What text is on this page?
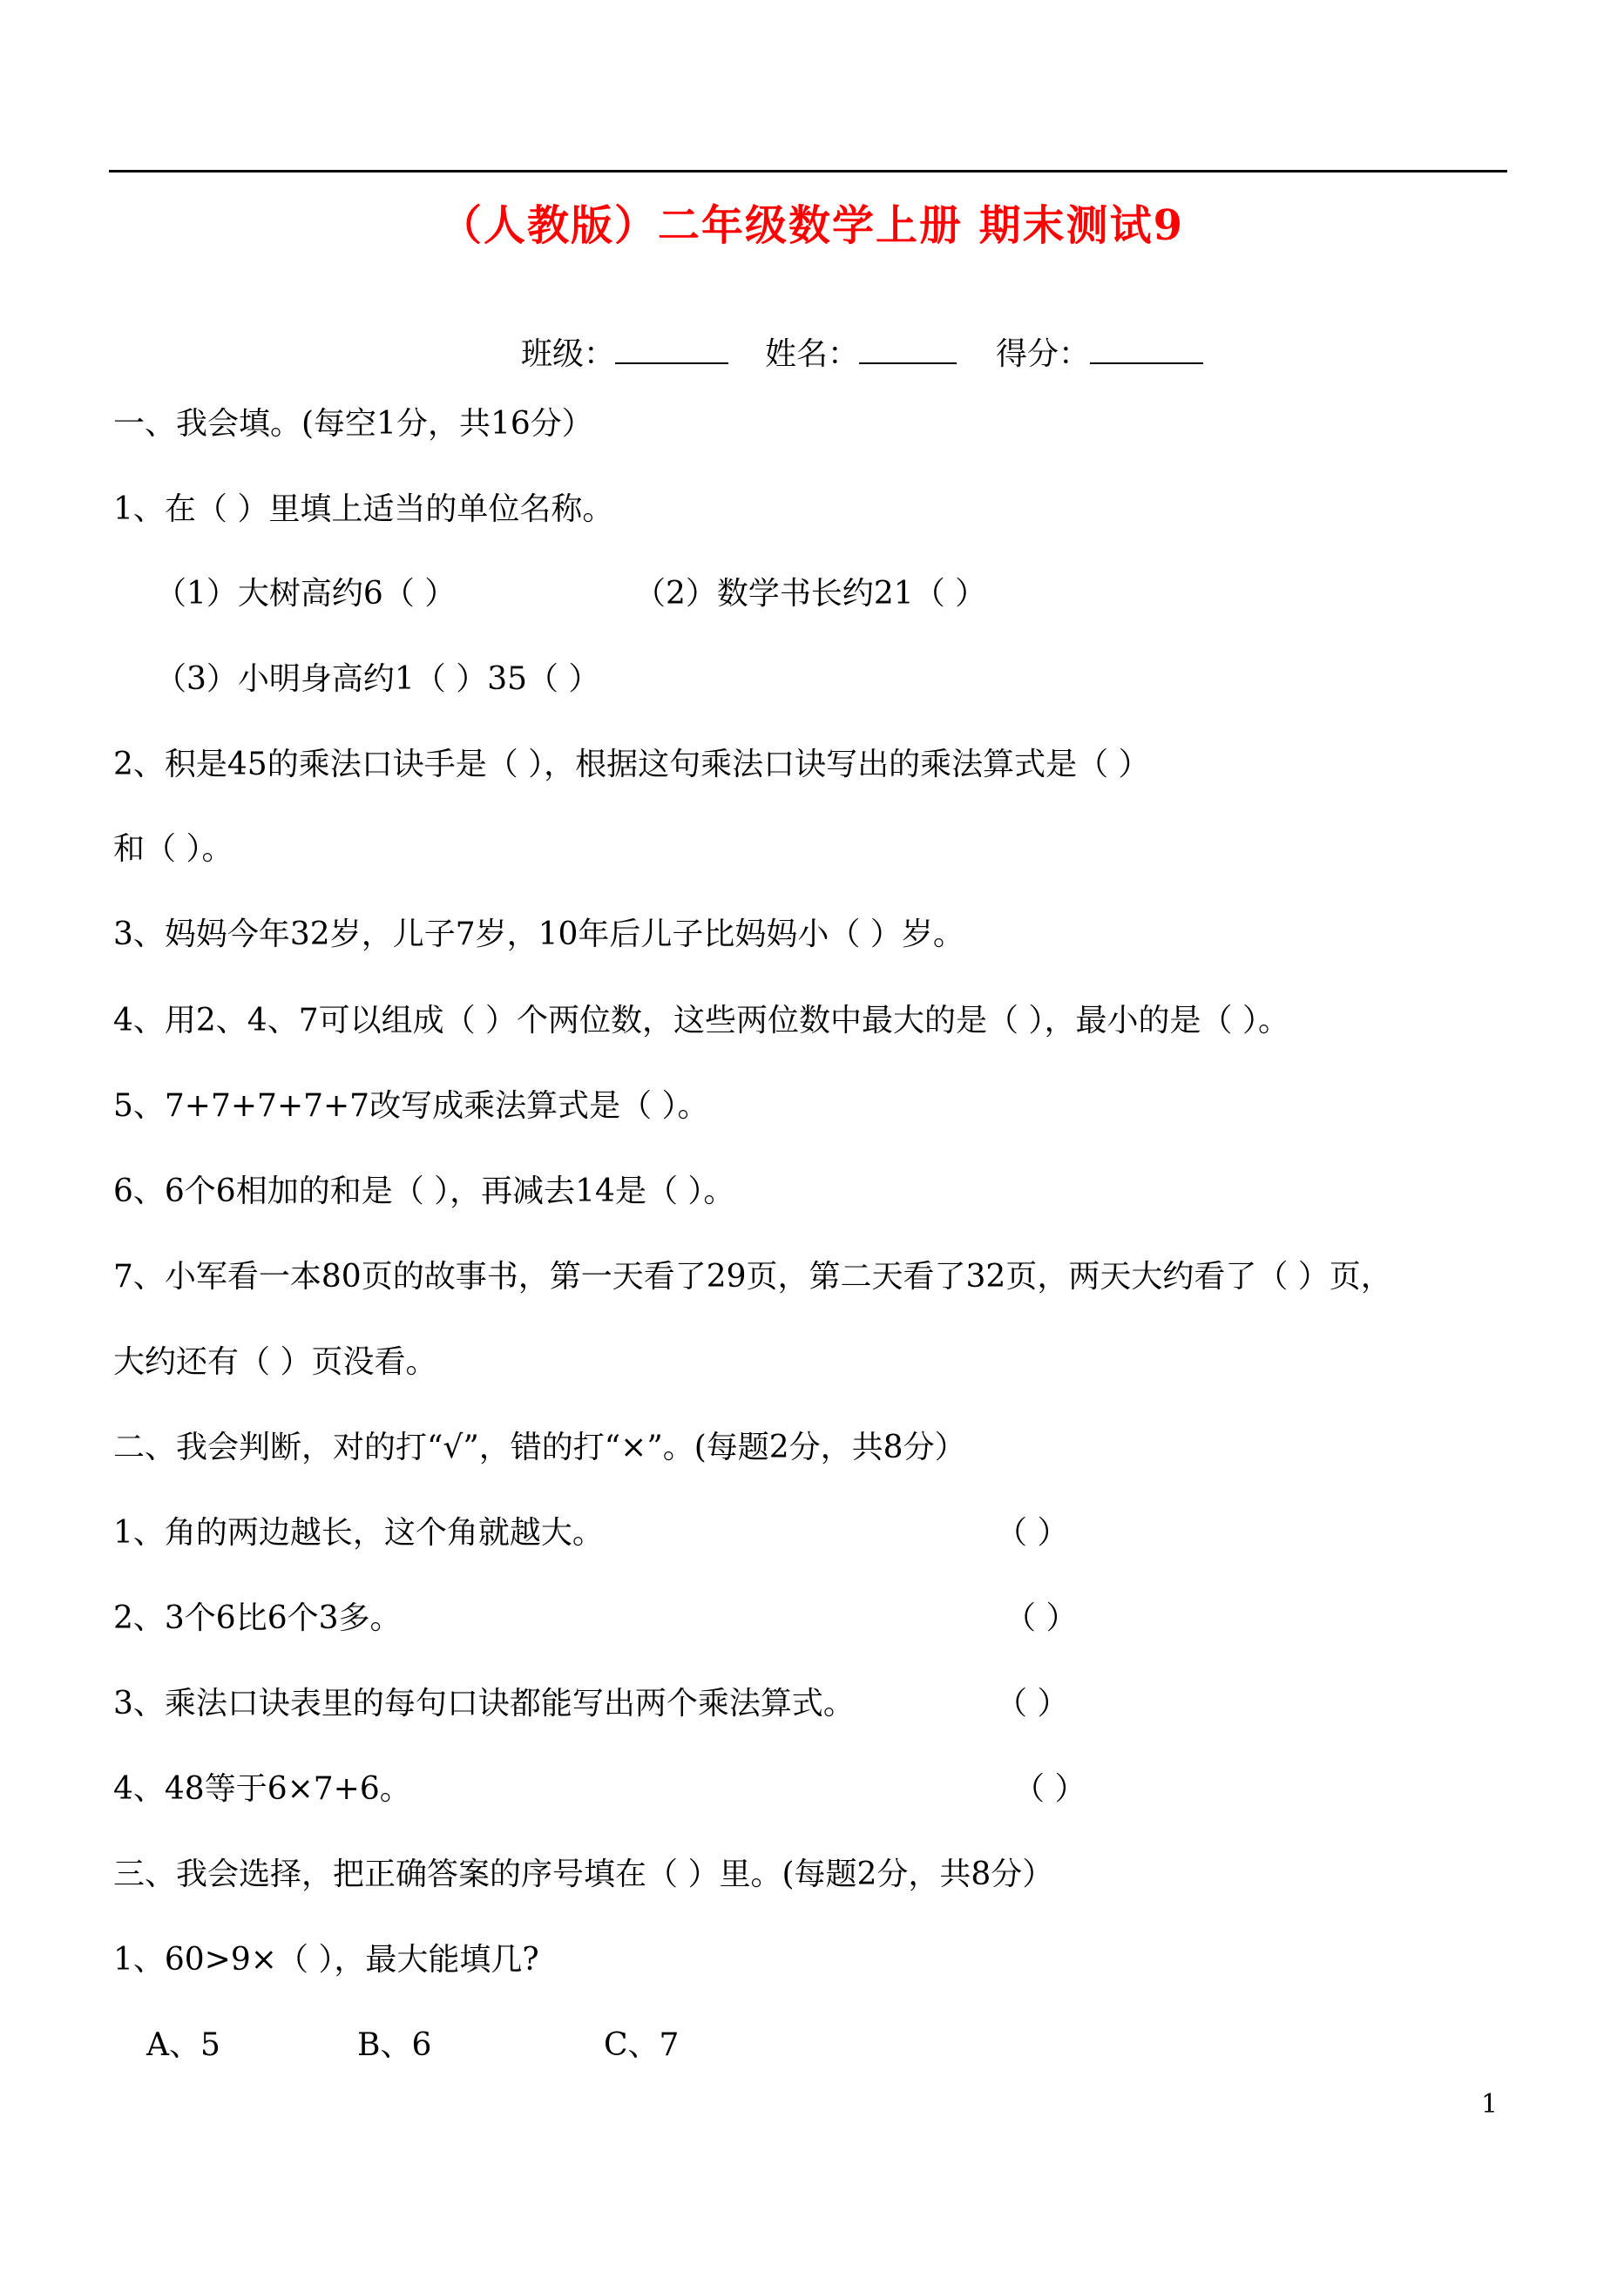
（人教版）二年级数学上册 期末测试9
班级：	姓名：	得分：
一、我会填。(每空1分，共16分）
1、在（ ）里填上适当的单位名称。
（1）大树高约6（ ）	（2）数学书长约21（ ）
（3）小明身高约1（ ）35（ ）
2、积是45的乘法口诀手是（ ），根据这句乘法口诀写出的乘法算式是（ ）
和（ ）。
3、妈妈今年32岁，儿子7岁，10年后儿子比妈妈小（ ）岁。
4、用2、4、7可以组成（ ）个两位数，这些两位数中最大的是（ ），最小的是（ ）。
5、7+7+7+7+7改写成乘法算式是（ ）。
6、6个6相加的和是（ ），再减去14是（ ）。
7、小军看一本80页的故事书，第一天看了29页，第二天看了32页，两天大约看了（ ）页，
大约还有（ ）页没看。
二、我会判断，对的打“√”，错的打“×”。(每题2分，共8分）
1、角的两边越长，这个角就越大。	（ ）
2、3个6比6个3多。	（ ）
3、乘法口诀表里的每句口诀都能写出两个乘法算式。	（ ）
4、48等于6×7+6。	（ ）
三、我会选择，把正确答案的序号填在（ ）里。(每题2分，共8分）
1、60>9×（ ），最大能填几?
A、5	B、6	C、7
1
